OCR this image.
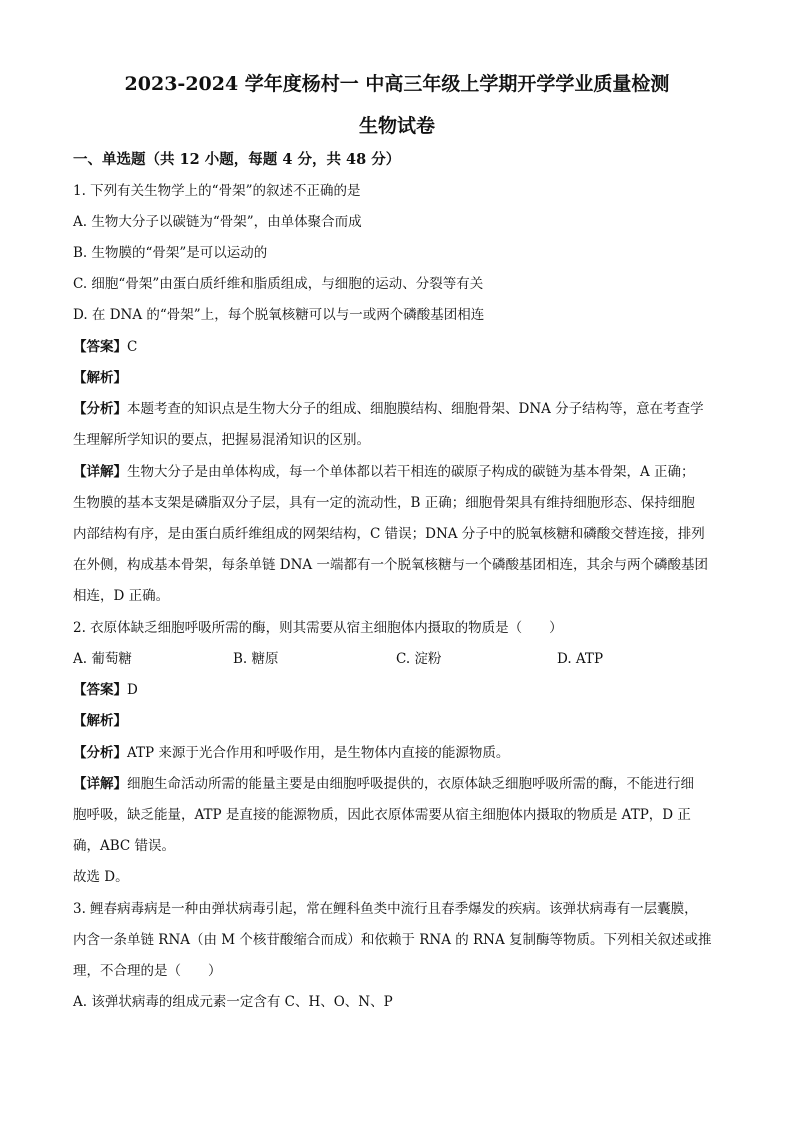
2023-2024 学年度杨村一 中高三年级上学期开学学业质量检测
生物试卷
一、单选题（共 12 小题，每题 4 分，共 48 分）
1. 下列有关生物学上的“骨架”的叙述不正确的是
A. 生物大分子以碳链为“骨架”，由单体聚合而成
B. 生物膜的“骨架”是可以运动的
C. 细胞“骨架”由蛋白质纤维和脂质组成，与细胞的运动、分裂等有关
D. 在 DNA 的“骨架”上，每个脱氧核糖可以与一或两个磷酸基团相连
【答案】C
【解析】
【分析】本题考查的知识点是生物大分子的组成、细胞膜结构、细胞骨架、DNA 分子结构等，意在考查学
生理解所学知识的要点，把握易混淆知识的区别。
【详解】生物大分子是由单体构成，每一个单体都以若干相连的碳原子构成的碳链为基本骨架，A 正确；
生物膜的基本支架是磷脂双分子层，具有一定的流动性，B 正确；细胞骨架具有维持细胞形态、保持细胞
内部结构有序，是由蛋白质纤维组成的网架结构，C 错误；DNA 分子中的脱氧核糖和磷酸交替连接，排列
在外侧，构成基本骨架，每条单链 DNA 一端都有一个脱氧核糖与一个磷酸基团相连，其余与两个磷酸基团
相连，D 正确。
2. 衣原体缺乏细胞呼吸所需的酶，则其需要从宿主细胞体内摄取的物质是（　　）
A. 葡萄糖	B. 糖原	C. 淀粉	D. ATP
【答案】D
【解析】
【分析】ATP 来源于光合作用和呼吸作用，是生物体内直接的能源物质。
【详解】细胞生命活动所需的能量主要是由细胞呼吸提供的，衣原体缺乏细胞呼吸所需的酶，不能进行细
胞呼吸，缺乏能量，ATP 是直接的能源物质，因此衣原体需要从宿主细胞体内摄取的物质是 ATP，D 正
确，ABC 错误。
故选 D。
3. 鲤春病毒病是一种由弹状病毒引起，常在鲤科鱼类中流行且春季爆发的疾病。该弹状病毒有一层囊膜，
内含一条单链 RNA（由 M 个核苷酸缩合而成）和依赖于 RNA 的 RNA 复制酶等物质。下列相关叙述或推
理，不合理的是（　　）
A. 该弹状病毒的组成元素一定含有 C、H、O、N、P
